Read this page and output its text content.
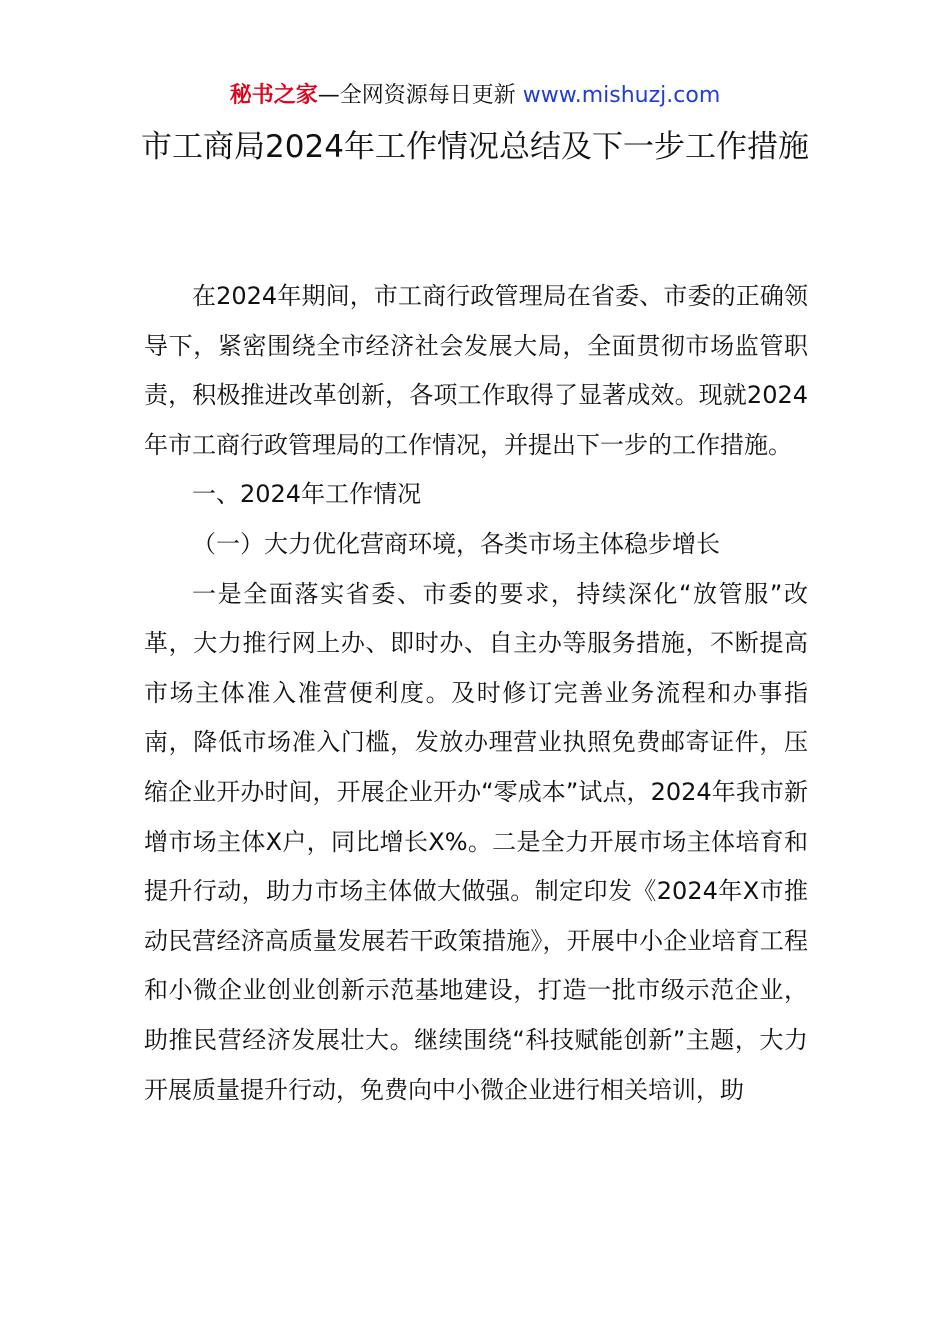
秘书之家—全网资源每日更新 www.mishuzj.com
市工商局2024年工作情况总结及下一步工作措施

在2024年期间，市工商行政管理局在省委、市委的正确领导下，紧密围绕全市经济社会发展大局，全面贯彻市场监管职责，积极推进改革创新，各项工作取得了显著成效。现就2024年市工商行政管理局的工作情况，并提出下一步的工作措施。

一、2024年工作情况

（一）大力优化营商环境，各类市场主体稳步增长

一是全面落实省委、市委的要求，持续深化“放管服”改革，大力推行网上办、即时办、自主办等服务措施，不断提高市场主体准入准营便利度。及时修订完善业务流程和办事指南，降低市场准入门槛，发放办理营业执照免费邮寄证件，压缩企业开办时间，开展企业开办“零成本”试点，2024年我市新增市场主体X户，同比增长X%。二是全力开展市场主体培育和提升行动，助力市场主体做大做强。制定印发《2024年X市推动民营经济高质量发展若干政策措施》，开展中小企业培育工程和小微企业创业创新示范基地建设，打造一批市级示范企业，助推民营经济发展壮大。继续围绕“科技赋能创新”主题，大力开展质量提升行动，免费向中小微企业进行相关培训，助
